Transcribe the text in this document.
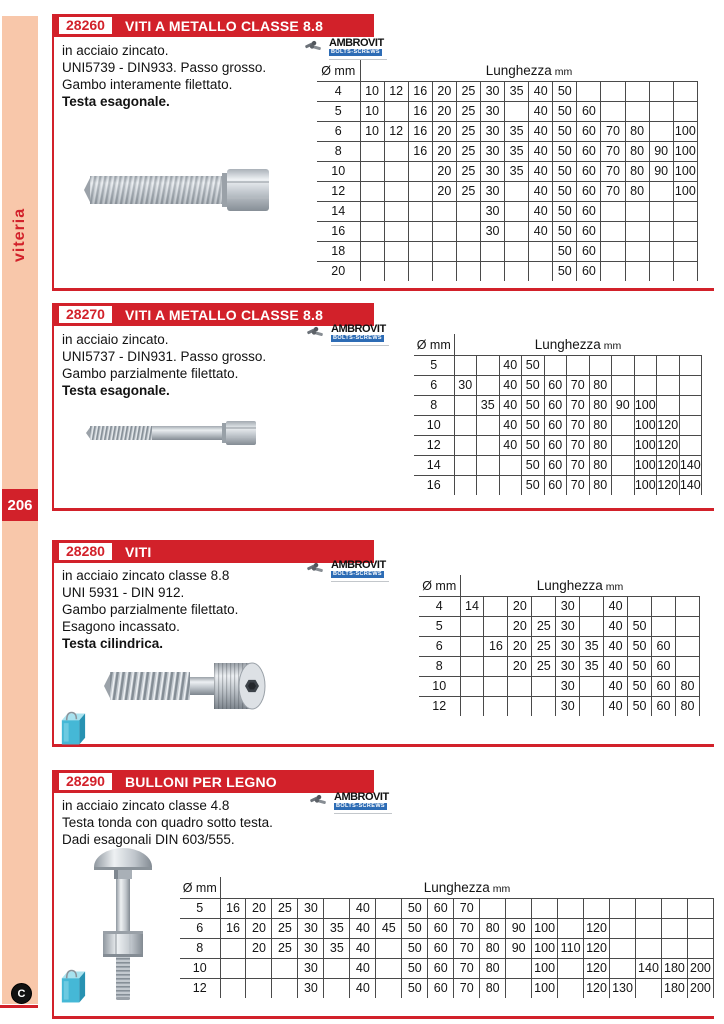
viteria
206
C
28260	VITI A METALLO CLASSE 8.8
in acciaio zincato.
UNI5739 - DIN933. Passo grosso.
Gambo interamente filettato.
Testa esagonale.
AMBROVIT
BOLTS-SCREWS
Ø mm	Lunghezza mm													
4	10	12	16	20	25	30	35	40	50					
5	10		16	20	25	30		40	50	60				
6	10	12	16	20	25	30	35	40	50	60	70	80		100
8			16	20	25	30	35	40	50	60	70	80	90	100
10				20	25	30	35	40	50	60	70	80	90	100
12				20	25	30		40	50	60	70	80		100
14						30		40	50	60				
16						30		40	50	60				
18									50	60				
20									50	60				
28270	VITI A METALLO CLASSE 8.8
in acciaio zincato.
UNI5737 - DIN931. Passo grosso.
Gambo parzialmente filettato.
Testa esagonale.
AMBROVIT
BOLTS-SCREWS	Ø mm	Lunghezza mm										
5			40	50							
6	30		40	50	60	70	80				
8		35	40	50	60	70	80	90	100		
10			40	50	60	70	80		100	120	
12			40	50	60	70	80		100	120	
14				50	60	70	80		100	120	140
16				50	60	70	80		100	120	140
28280	VITI
in acciaio zincato classe 8.8
UNI 5931 - DIN 912.
Gambo parzialmente filettato.
Esagono incassato.
Testa cilindrica.
AMBROVIT
BOLTS-SCREWS
Ø mm	Lunghezza mm									
4	14		20		30		40			
5			20	25	30		40	50		
6		16	20	25	30	35	40	50	60	
8			20	25	30	35	40	50	60	
10					30		40	50	60	80
12					30		40	50	60	80
28290	BULLONI PER LEGNO
in acciaio zincato classe 4.8
Testa tonda con quadro sotto testa.
Dadi esagonali DIN 603/555.
AMBROVIT
BOLTS-SCREWS
Ø mm	Lunghezza mm																		
5	16	20	25	30		40		50	60	70									
6	16	20	25	30	35	40	45	50	60	70	80	90	100		120				
8		20	25	30	35	40		50	60	70	80	90	100	110	120				
10				30		40		50	60	70	80		100		120		140	180	200
12				30		40		50	60	70	80		100		120	130		180	200
